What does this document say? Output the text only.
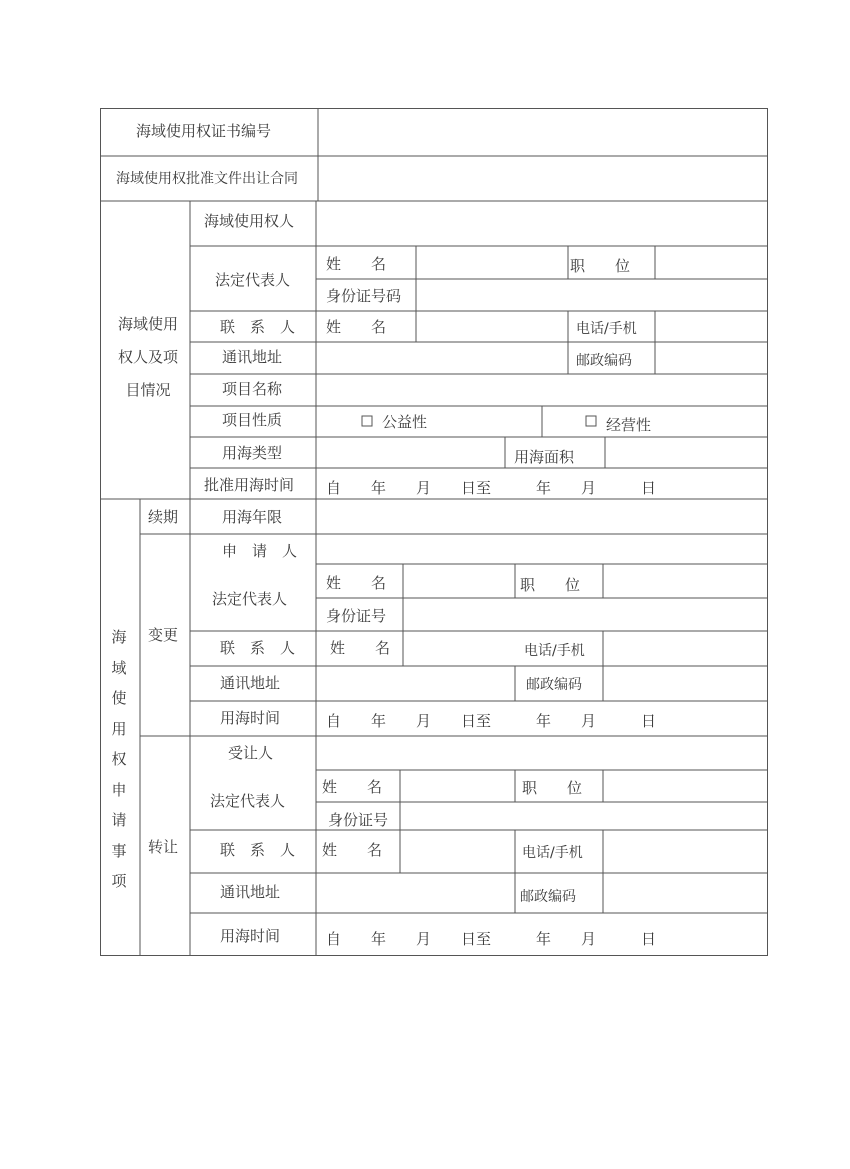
海域使用权证书编号
海域使用权批准文件出让合同
海域使用权人及项目情况
海域使用权人
法定代表人
姓　　名	职　　位
身份证号码
联　系　人 姓　　名	电话/手机
通讯地址	邮政编码
项目名称
项目性质	公益性	经营性
用海类型	用海面积
批准用海时间 自　　年　　月　　日至　　　年　　月　　　日
海域使用权申请事项
续期	用海年限
变更
申　请　人
法定代表人
姓　　名	职　　位
身份证号
联　系　人 姓　　名	电话/手机
通讯地址	邮政编码
用海时间	自　　年　　月　　日至　　　年　　月　　　日
转让
受让人
法定代表人
姓　　名	职　　位
身份证号
联　系　人 姓　　名	电话/手机
通讯地址	邮政编码
用海时间	自　　年　　月　　日至　　　年　　月　　　日
